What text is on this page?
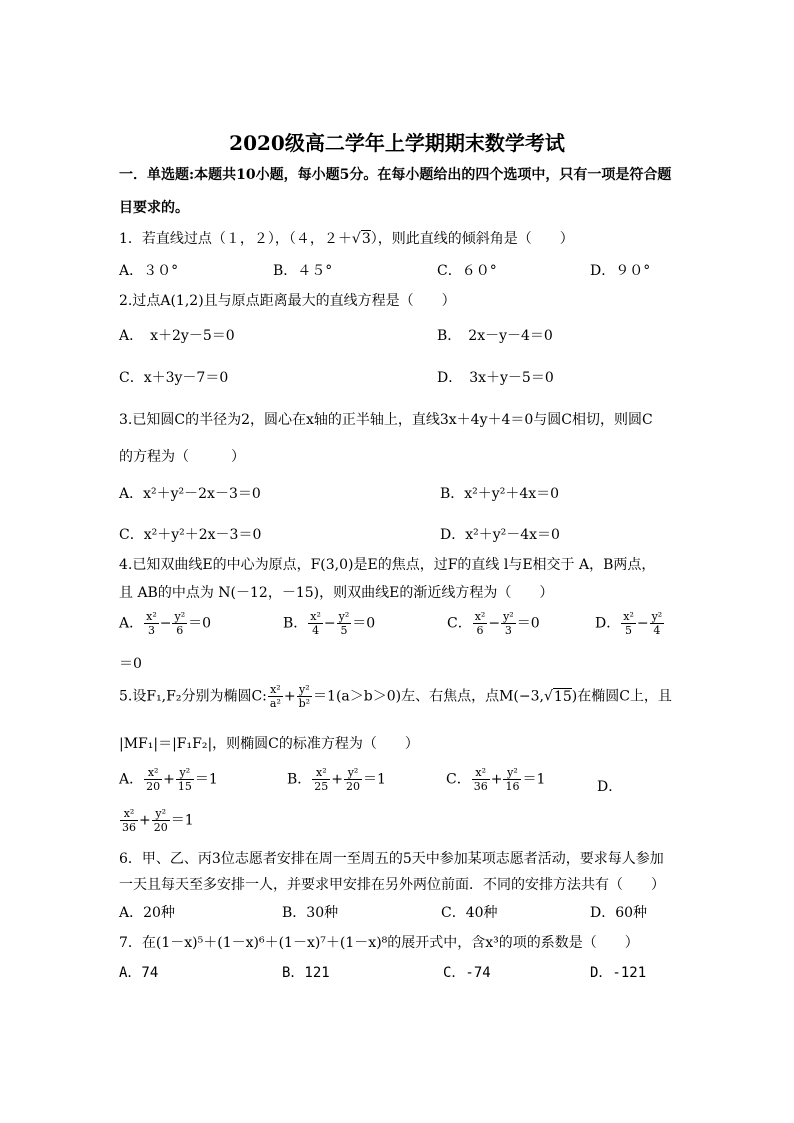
2020级高二学年上学期期末数学考试
一．单选题:本题共10小题，每小题5分。在每小题给出的四个选项中，只有一项是符合题
目要求的。
1．若直线过点（１，２），（４，２＋√3），则此直线的倾斜角是（　　）
A．３０°	B．４５°	C．６０°	D．９０°
2.过点A(1,2)且与原点距离最大的直线方程是（　　）
A．　x＋2y－5＝0	B．　2x－y－4＝0
C．x＋3y－7＝0	D．　3x＋y－5＝0
3.已知圆C的半径为2，圆心在x轴的正半轴上，直线3x＋4y＋4＝0与圆C相切，则圆C
的方程为（　　　）
A．x²＋y²－2x－3＝0	B．x²＋y²＋4x＝0
C．x²＋y²＋2x－3＝0	D．x²＋y²－4x＝0
4.已知双曲线E的中心为原点，F(3,0)是E的焦点，过F的直线 l与E相交于 A，B两点，
且 AB的中点为 N(－12，－15)，则双曲线E的渐近线方程为（　　）
A． $\frac{\text{x²}}{3} - \frac{\text{y²}}{6} =0$	B． $\frac{\text{x²}}{4} - \frac{\text{y²}}{5} =0$	C． $\frac{\text{x²}}{6} - \frac{\text{y²}}{3} =0$	D． $\frac{\text{x²}}{5} - \frac{\text{y²}}{4}$
＝0
5.设F₁,F₂分别为椭圆C: $\frac{\text{x²}}{\text{a²}} + \frac{\text{y²}}{\text{b²}} =1(a>b>0)$左、右焦点，点M(−3,√15)在椭圆C上，且
|MF₁|＝|F₁F₂|，则椭圆C的标准方程为（　　）
A． $\frac{\text{x²}}{20} + \frac{\text{y²}}{15} =1$	B． $\frac{\text{x²}}{25} + \frac{\text{y²}}{20} =1$	C． $\frac{\text{x²}}{36} + \frac{\text{y²}}{16} =1$	D．
$\frac{\text{x²}}{36} + \frac{\text{y²}}{20} =1$
6．甲、乙、丙3位志愿者安排在周一至周五的5天中参加某项志愿者活动，要求每人参加
一天且每天至多安排一人，并要求甲安排在另外两位前面．不同的安排方法共有（　　）
A．20种	B．30种	C．40种	D．60种
7．在(1－x)⁵＋(1－x)⁶＋(1－x)⁷＋(1－x)⁸的展开式中，含x³的项的系数是（　　）
A．74	B．121	C．-74	D．-121
